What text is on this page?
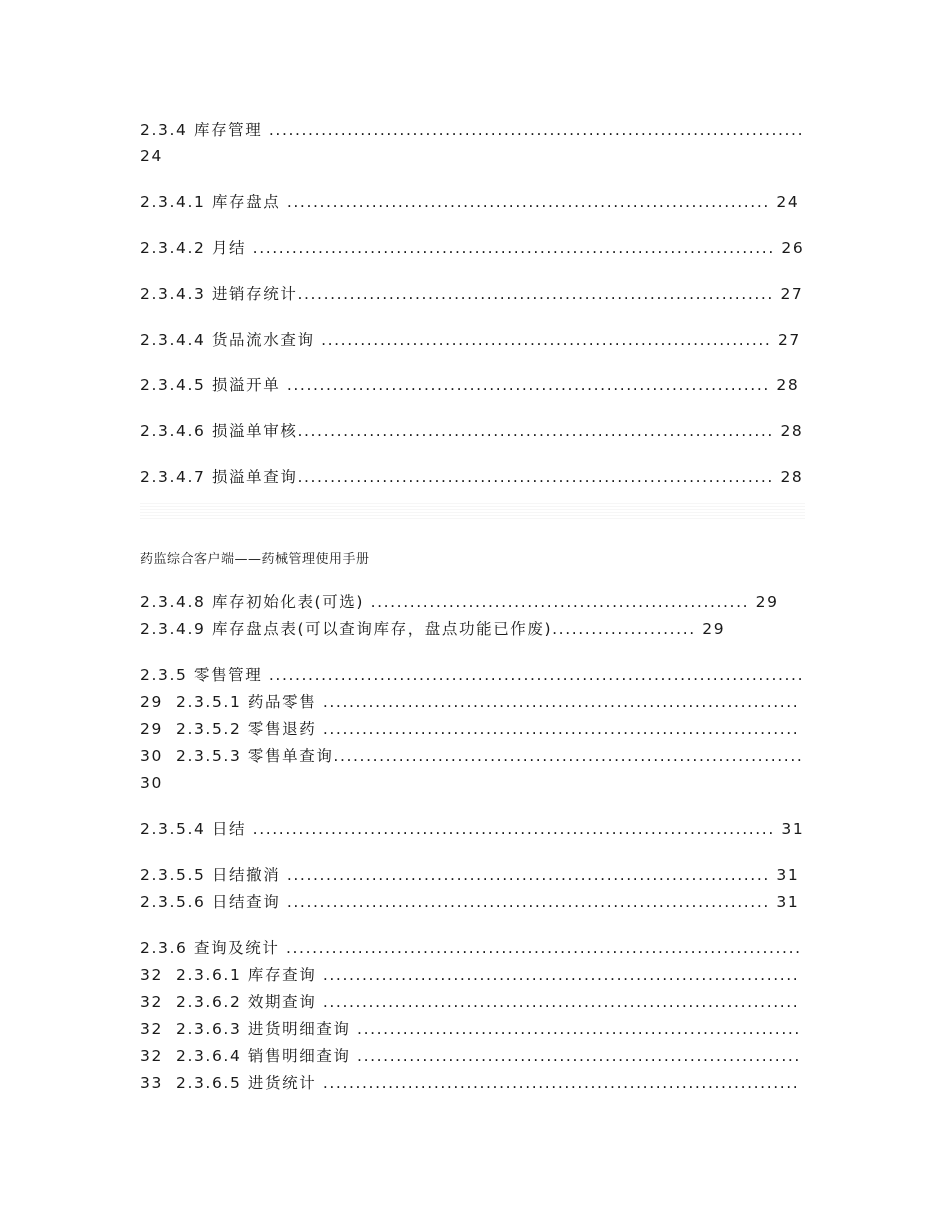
2.3.4 库存管理 ..................................................................................
24
2.3.4.1 库存盘点 .......................................................................... 24
2.3.4.2 月结 ................................................................................ 26
2.3.4.3 进销存统计......................................................................... 27
2.3.4.4 货品流水查询 ..................................................................... 27
2.3.4.5 损溢开单 .......................................................................... 28
2.3.4.6 损溢单审核......................................................................... 28
2.3.4.7 损溢单查询......................................................................... 28
药监综合客户端——药械管理使用手册
2.3.4.8 库存初始化表(可选) .......................................................... 29
2.3.4.9 库存盘点表(可以查询库存，盘点功能已作废)...................... 29
2.3.5 零售管理 ..................................................................................
29  2.3.5.1 药品零售 .........................................................................
29  2.3.5.2 零售退药 .........................................................................
30  2.3.5.3 零售单查询........................................................................
30
2.3.5.4 日结 ................................................................................ 31
2.3.5.5 日结撤消 .......................................................................... 31
2.3.5.6 日结查询 .......................................................................... 31
2.3.6 查询及统计 ...............................................................................
32  2.3.6.1 库存查询 .........................................................................
32  2.3.6.2 效期查询 .........................................................................
32  2.3.6.3 进货明细查询 ....................................................................
32  2.3.6.4 销售明细查询 ....................................................................
33  2.3.6.5 进货统计 .........................................................................
